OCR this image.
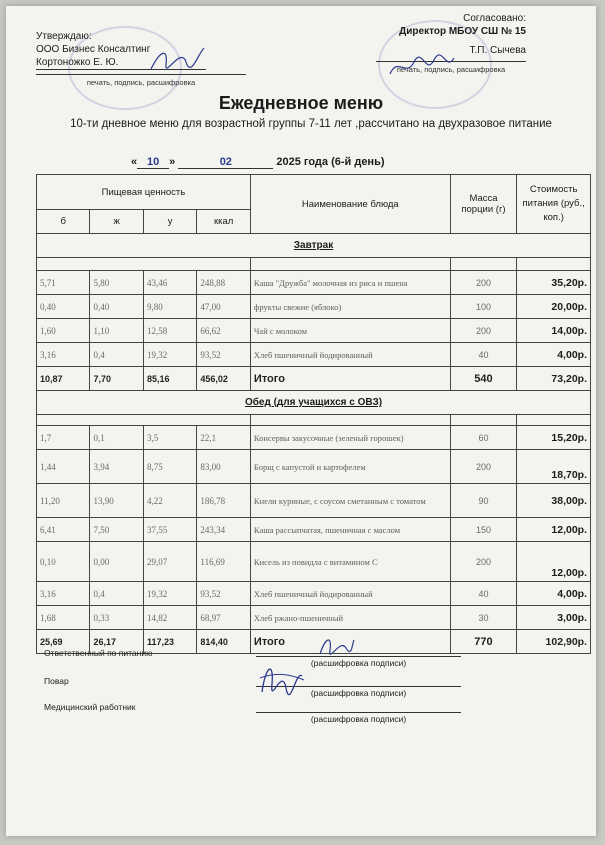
Утверждаю:
ООО Бизнес Консалтинг
Кортоножко Е. Ю.
печать, подпись, расшифровка
Согласовано:
Директор МБОУ СШ № 15
Т.П. Сычева
печать, подпись, расшифровка
Ежедневное меню
10-ти дневное меню для возрастной группы 7-11 лет ,рассчитано на двухразовое питание
« 10 »	02	2025 года (6-й день)
Пищевая ценность				Наименование блюда	Масса порции (г)	Стоимость питания (руб., коп.)
б	ж	у	ккал			
Завтрак						

5,71	5,80	43,46	248,88	Каша "Дружба" молочная из риса и пшена	200	35,20р.
0,40	0,40	9,80	47,00	фрукты свежие (яблоко)	100	20,00р.
1,60	1,10	12,58	66,62	Чай с молоком	200	14,00р.
3,16	0,4	19,32	93,52	Хлеб пшеничный йодированный	40	4,00р.
10,87	7,70	85,16	456,02	Итого	540	73,20р.
Обед (для учащихся с ОВЗ)						

1,7	0,1	3,5	22,1	Консервы закусочные (зеленый горошек)	60	15,20р.
1,44	3,94	8,75	83,00	Борщ с капустой и картофелем	200	18,70р.
11,20	13,90	4,22	186,78	Кнели куриные, с соусом сметанным с томатом	90	38,00р.
6,41	7,50	37,55	243,34	Каша рассыпчатая, пшеничная с маслом	150	12,00р.
0,10	0,00	29,07	116,69	Кисель из повидла с витамином С	200	12,00р.
3,16	0,4	19,32	93,52	Хлеб пшеничный йодированный	40	4,00р.
1,68	0,33	14,82	68,97	Хлеб ржано-пшеничный	30	3,00р.
25,69	26,17	117,23	814,40	Итого	770	102,90р.
Ответственный по питанию
(расшифровка подписи)
Повар
(расшифровка подписи)
Медицинский работник
(расшифровка подписи)
